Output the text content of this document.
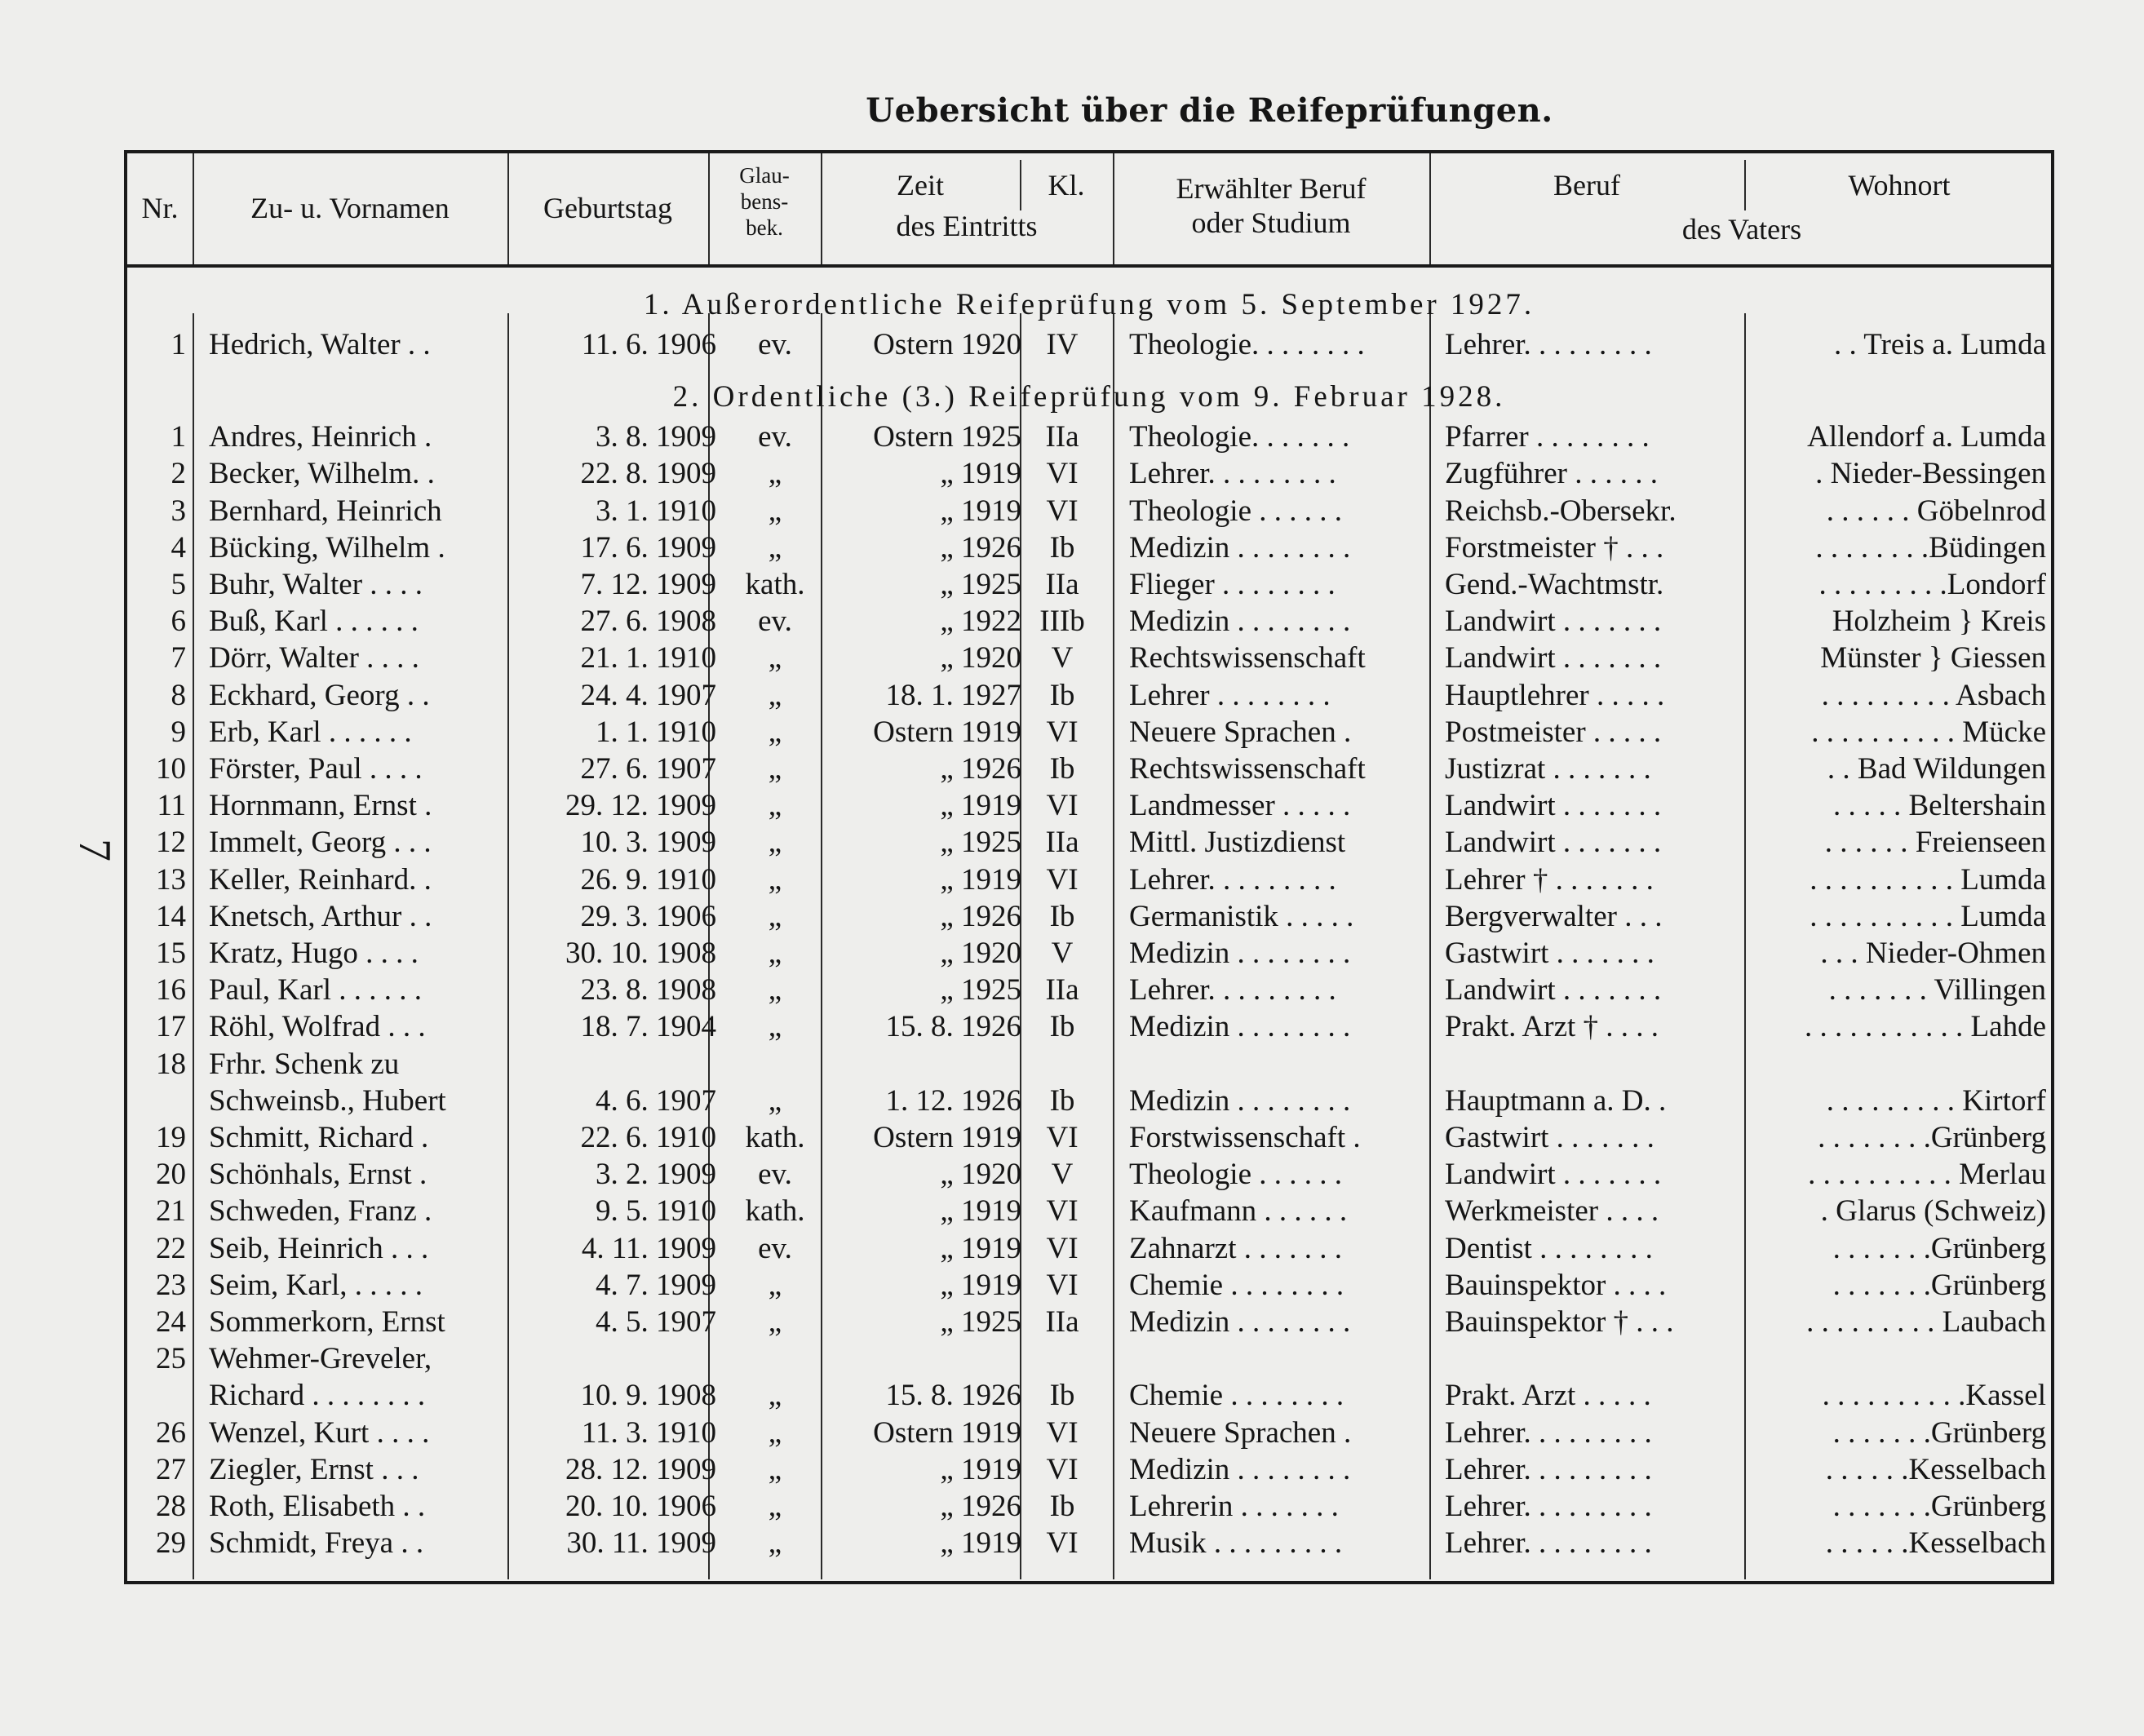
7
Uebersicht über die Reifeprüfungen.
Nr.	Zu- u. Vornamen	Geburtstag
Glau-
bens-
bek.
Zeit
des Eintritts
Kl.	Erwählter Beruf
oder Studium
Beruf	Wohnort
des Vaters
1. Außerordentliche Reifeprüfung vom 5. September 1927.
1 Hedrich, Walter . .	11. 6. 1906	ev.	Ostern 1920 IV	Theologie. . . . . . . .	Lehrer. . . . . . . . .	. . Treis a. Lumda
2. Ordentliche (3.) Reifeprüfung vom 9. Februar 1928.
1 Andres, Heinrich .	3. 8. 1909	ev.	Ostern 1925 IIa	Theologie. . . . . . .	Pfarrer . . . . . . . .	Allendorf a. Lumda
2 Becker, Wilhelm. .	22. 8. 1909	„	„ 1919 VI	Lehrer. . . . . . . . .	Zugführer . . . . . .	. Nieder-Bessingen
3 Bernhard, Heinrich	3. 1. 1910	„	„ 1919 VI	Theologie . . . . . .	Reichsb.-Obersekr.	. . . . . . Göbelnrod
4 Bücking, Wilhelm .	17. 6. 1909	„	„ 1926 Ib	Medizin . . . . . . . .	Forstmeister † . . .	. . . . . . . .Büdingen
5 Buhr, Walter . . . .	7. 12. 1909 kath.	„ 1925 IIa	Flieger . . . . . . . .	Gend.-Wachtmstr.	. . . . . . . . .Londorf
6 Buß, Karl . . . . . .	27. 6. 1908	ev.	„ 1922 IIIb	Medizin . . . . . . . .	Landwirt . . . . . . .	Holzheim } Kreis
7 Dörr, Walter . . . .	21. 1. 1910	„	„ 1920 V	Rechtswissenschaft	Landwirt . . . . . . .	Münster } Giessen
8 Eckhard, Georg . .	24. 4. 1907	„	18. 1. 1927 Ib	Lehrer . . . . . . . .	Hauptlehrer . . . . .	. . . . . . . . . Asbach
9 Erb, Karl . . . . . .	1. 1. 1910	„	Ostern 1919 VI	Neuere Sprachen .	Postmeister . . . . .	. . . . . . . . . . Mücke
10 Förster, Paul . . . .	27. 6. 1907	„	„ 1926 Ib	Rechtswissenschaft	Justizrat . . . . . . .	. . Bad Wildungen
11 Hornmann, Ernst .	29. 12. 1909	„	„ 1919 VI	Landmesser . . . . .	Landwirt . . . . . . .	. . . . . Beltershain
12 Immelt, Georg . . .	10. 3. 1909	„	„ 1925 IIa	Mittl. Justizdienst	Landwirt . . . . . . .	. . . . . . Freienseen
13 Keller, Reinhard. .	26. 9. 1910	„	„ 1919 VI	Lehrer. . . . . . . . .	Lehrer † . . . . . . .	. . . . . . . . . . Lumda
14 Knetsch, Arthur . .	29. 3. 1906	„	„ 1926 Ib	Germanistik . . . . .	Bergverwalter . . .	. . . . . . . . . . Lumda
15 Kratz, Hugo . . . .	30. 10. 1908	„	„ 1920 V	Medizin . . . . . . . .	Gastwirt . . . . . . .	. . . Nieder-Ohmen
16 Paul, Karl . . . . . .	23. 8. 1908	„	„ 1925 IIa	Lehrer. . . . . . . . .	Landwirt . . . . . . .	. . . . . . . Villingen
17 Röhl, Wolfrad . . .	18. 7. 1904	„	15. 8. 1926 Ib	Medizin . . . . . . . .	Prakt. Arzt † . . . .	. . . . . . . . . . . Lahde
18 Frhr. Schenk zu
Schweinsb., Hubert	4. 6. 1907	„	1. 12. 1926 Ib	Medizin . . . . . . . .	Hauptmann a. D. .	. . . . . . . . . Kirtorf
19 Schmitt, Richard .	22. 6. 1910 kath.	Ostern 1919 VI	Forstwissenschaft .	Gastwirt . . . . . . .	. . . . . . . .Grünberg
20 Schönhals, Ernst .	3. 2. 1909	ev.	„ 1920 V	Theologie . . . . . .	Landwirt . . . . . . .	. . . . . . . . . . Merlau
21 Schweden, Franz .	9. 5. 1910 kath.	„ 1919 VI	Kaufmann . . . . . .	Werkmeister . . . .	. Glarus (Schweiz)
22 Seib, Heinrich . . .	4. 11. 1909	ev.	„ 1919 VI	Zahnarzt . . . . . . .	Dentist . . . . . . . .	. . . . . . .Grünberg
23 Seim, Karl, . . . . .	4. 7. 1909	„	„ 1919 VI	Chemie . . . . . . . .	Bauinspektor . . . .	. . . . . . .Grünberg
24 Sommerkorn, Ernst	4. 5. 1907	„	„ 1925 IIa	Medizin . . . . . . . .	Bauinspektor † . . .	. . . . . . . . . Laubach
25 Wehmer-Greveler,
Richard . . . . . . . .	10. 9. 1908	„	15. 8. 1926 Ib	Chemie . . . . . . . .	Prakt. Arzt . . . . .	. . . . . . . . . .Kassel
26 Wenzel, Kurt . . . .	11. 3. 1910	„	Ostern 1919 VI	Neuere Sprachen .	Lehrer. . . . . . . . .	. . . . . . .Grünberg
27 Ziegler, Ernst . . .	28. 12. 1909	„	„ 1919 VI	Medizin . . . . . . . .	Lehrer. . . . . . . . .	. . . . . .Kesselbach
28 Roth, Elisabeth . .	20. 10. 1906	„	„ 1926 Ib	Lehrerin . . . . . . .	Lehrer. . . . . . . . .	. . . . . . .Grünberg
29 Schmidt, Freya . .	30. 11. 1909	„	„ 1919 VI	Musik . . . . . . . . .	Lehrer. . . . . . . . .	. . . . . .Kesselbach
